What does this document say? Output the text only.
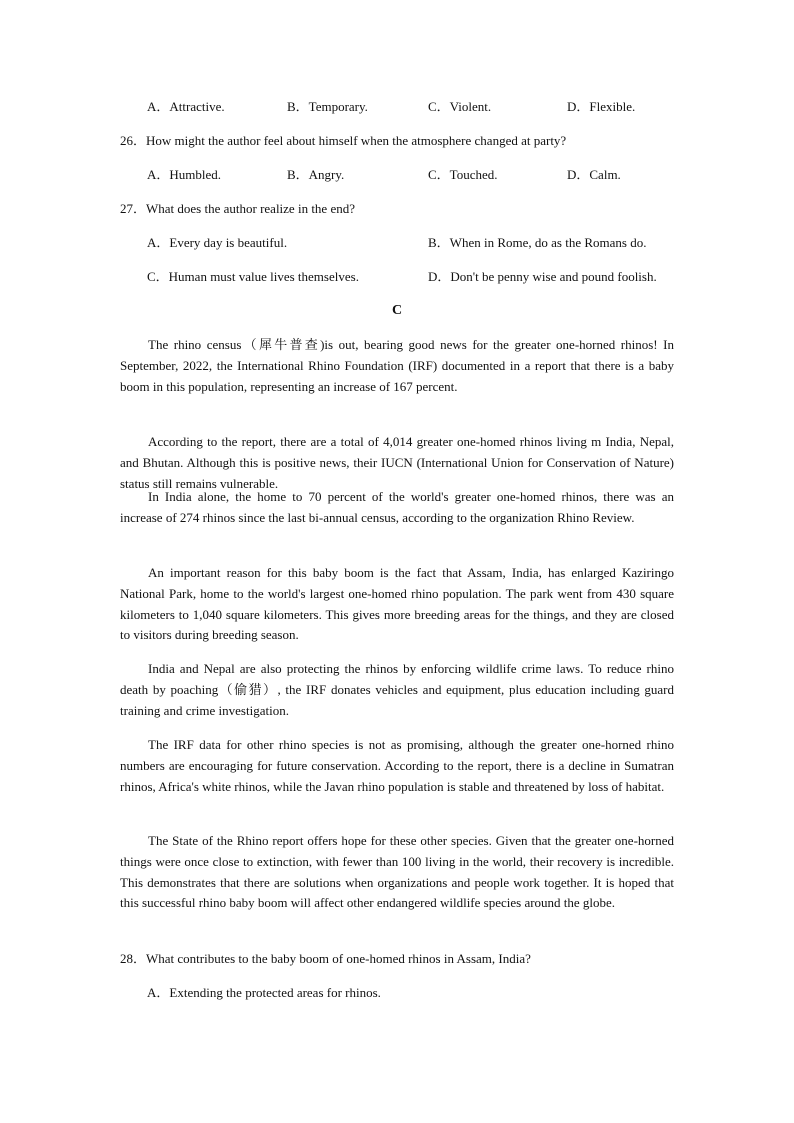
A．Attractive.	B．Temporary.	C．Violent.	D．Flexible.
26．How might the author feel about himself when the atmosphere changed at party?
A．Humbled.	B．Angry.	C．Touched.	D．Calm.
27．What does the author realize in the end?
A．Every day is beautiful.	B．When in Rome, do as the Romans do.
C．Human must value lives themselves.	D．Don't be penny wise and pound foolish.
C

The rhino census（犀牛普查)is out, bearing good news for the greater one-horned rhinos! In September, 2022, the International Rhino Foundation (IRF) documented in a report that there is a baby boom in this population, representing an increase of 167 percent.

According to the report, there are a total of 4,014 greater one-homed rhinos living m India, Nepal, and Bhutan. Although this is positive news, their IUCN (International Union for Conservation of Nature) status still remains vulnerable.

In India alone, the home to 70 percent of the world's greater one-homed rhinos, there was an increase of 274 rhinos since the last bi-annual census, according to the organization Rhino Review.

An important reason for this baby boom is the fact that Assam, India, has enlarged Kaziringo National Park, home to the world's largest one-homed rhino population. The park went from 430 square kilometers to 1,040 square kilometers. This gives more breeding areas for the things, and they are closed to visitors during breeding season.

India and Nepal are also protecting the rhinos by enforcing wildlife crime laws. To reduce rhino death by poaching（偷猎）, the IRF donates vehicles and equipment, plus education including guard training and crime investigation.

The IRF data for other rhino species is not as promising, although the greater one-horned rhino numbers are encouraging for future conservation. According to the report, there is a decline in Sumatran rhinos, Africa's white rhinos, while the Javan rhino population is stable and threatened by loss of habitat.

The State of the Rhino report offers hope for these other species. Given that the greater one-horned things were once close to extinction, with fewer than 100 living in the world, their recovery is incredible. This demonstrates that there are solutions when organizations and people work together. It is hoped that this successful rhino baby boom will affect other endangered wildlife species around the globe.

28．What contributes to the baby boom of one-homed rhinos in Assam, India?
A．Extending the protected areas for rhinos.
